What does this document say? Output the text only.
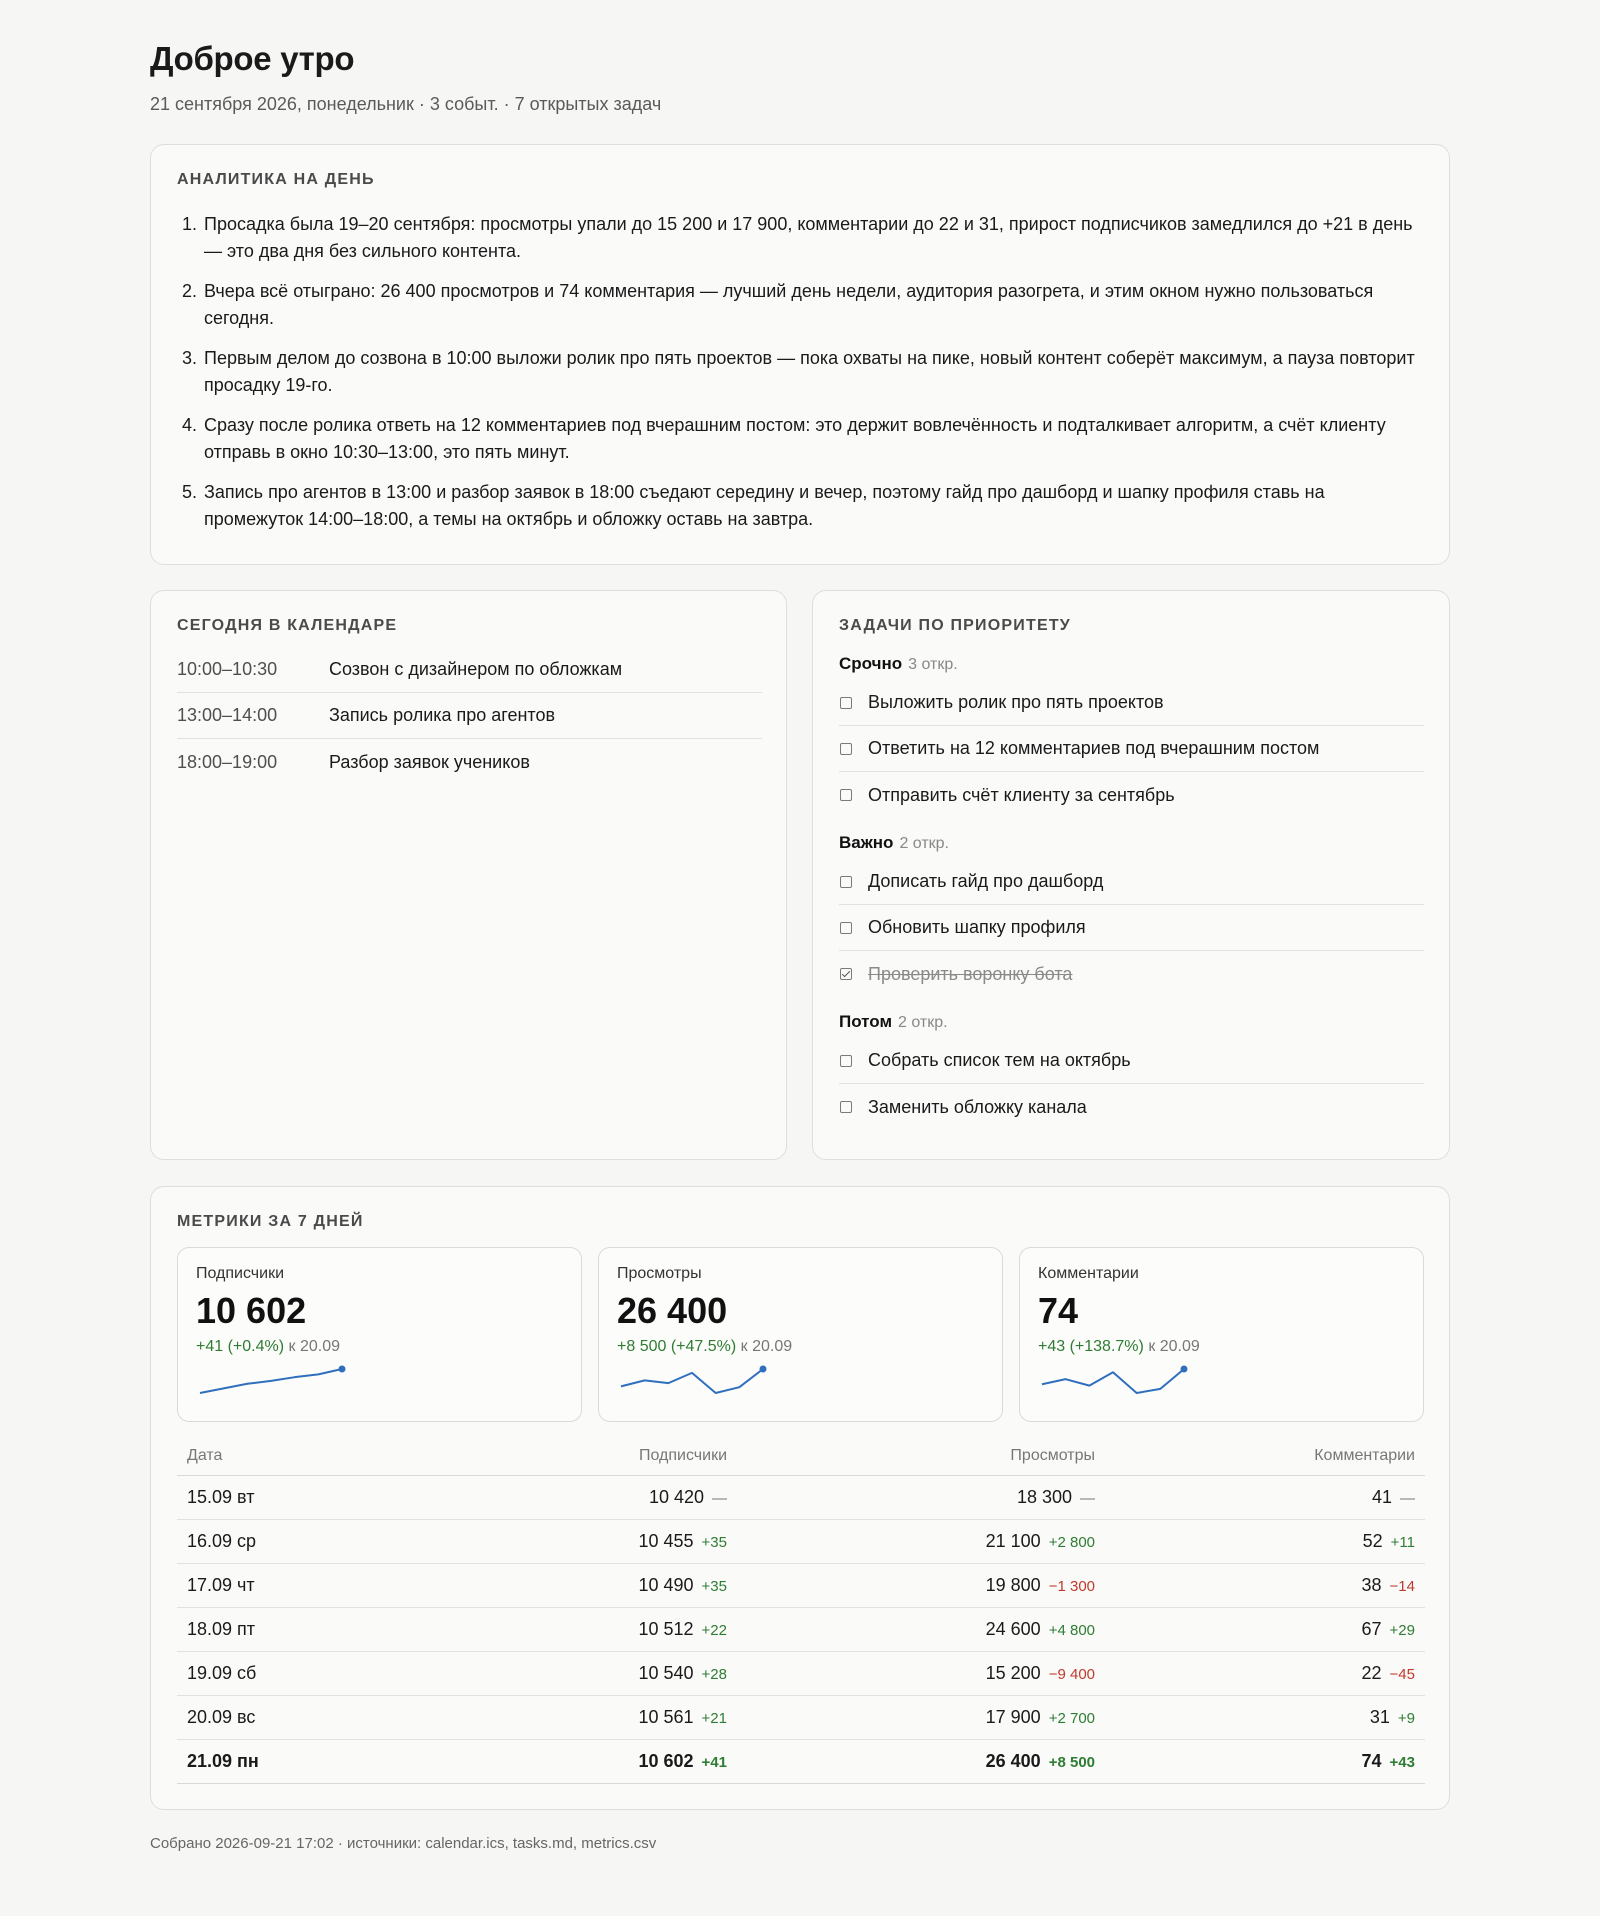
Доброе утро
21 сентября 2026, понедельник · 3 событ. · 7 открытых задач
АНАЛИТИКА НА ДЕНЬ
1. Просадка была 19–20 сентября: просмотры упали до 15 200 и 17 900, комментарии до 22 и 31, прирост подписчиков замедлился до +21 в день — это два дня без сильного контента.
2. Вчера всё отыграно: 26 400 просмотров и 74 комментария — лучший день недели, аудитория разогрета, и этим окном нужно пользоваться сегодня.
3. Первым делом до созвона в 10:00 выложи ролик про пять проектов — пока охваты на пике, новый контент соберёт максимум, а пауза повторит просадку 19-го.
4. Сразу после ролика ответь на 12 комментариев под вчерашним постом: это держит вовлечённость и подталкивает алгоритм, а счёт клиенту отправь в окно 10:30–13:00, это пять минут.
5. Запись про агентов в 13:00 и разбор заявок в 18:00 съедают середину и вечер, поэтому гайд про дашборд и шапку профиля ставь на промежуток 14:00–18:00, а темы на октябрь и обложку оставь на завтра.
СЕГОДНЯ В КАЛЕНДАРЕ
10:00–10:30	Созвон с дизайнером по обложкам
13:00–14:00	Запись ролика про агентов
18:00–19:00	Разбор заявок учеников
ЗАДАЧИ ПО ПРИОРИТЕТУ
Срочно 3 откр.
Выложить ролик про пять проектов
Ответить на 12 комментариев под вчерашним постом
Отправить счёт клиенту за сентябрь
Важно 2 откр.
Дописать гайд про дашборд
Обновить шапку профиля
Проверить воронку бота
Потом 2 откр.
Собрать список тем на октябрь
Заменить обложку канала
МЕТРИКИ ЗА 7 ДНЕЙ
Подписчики
10 602
+41 (+0.4%) к 20.09
Просмотры
26 400
+8 500 (+47.5%) к 20.09
Комментарии
74
+43 (+138.7%) к 20.09
Дата	Подписчики	Просмотры	Комментарии
15.09 вт	10 420 —	18 300 —	41 —
16.09 ср	10 455 +35	21 100 +2 800	52 +11
17.09 чт	10 490 +35	19 800 −1 300	38 −14
18.09 пт	10 512 +22	24 600 +4 800	67 +29
19.09 сб	10 540 +28	15 200 −9 400	22 −45
20.09 вс	10 561 +21	17 900 +2 700	31 +9
21.09 пн	10 602 +41	26 400 +8 500	74 +43
Собрано 2026-09-21 17:02 · источники: calendar.ics, tasks.md, metrics.csv
